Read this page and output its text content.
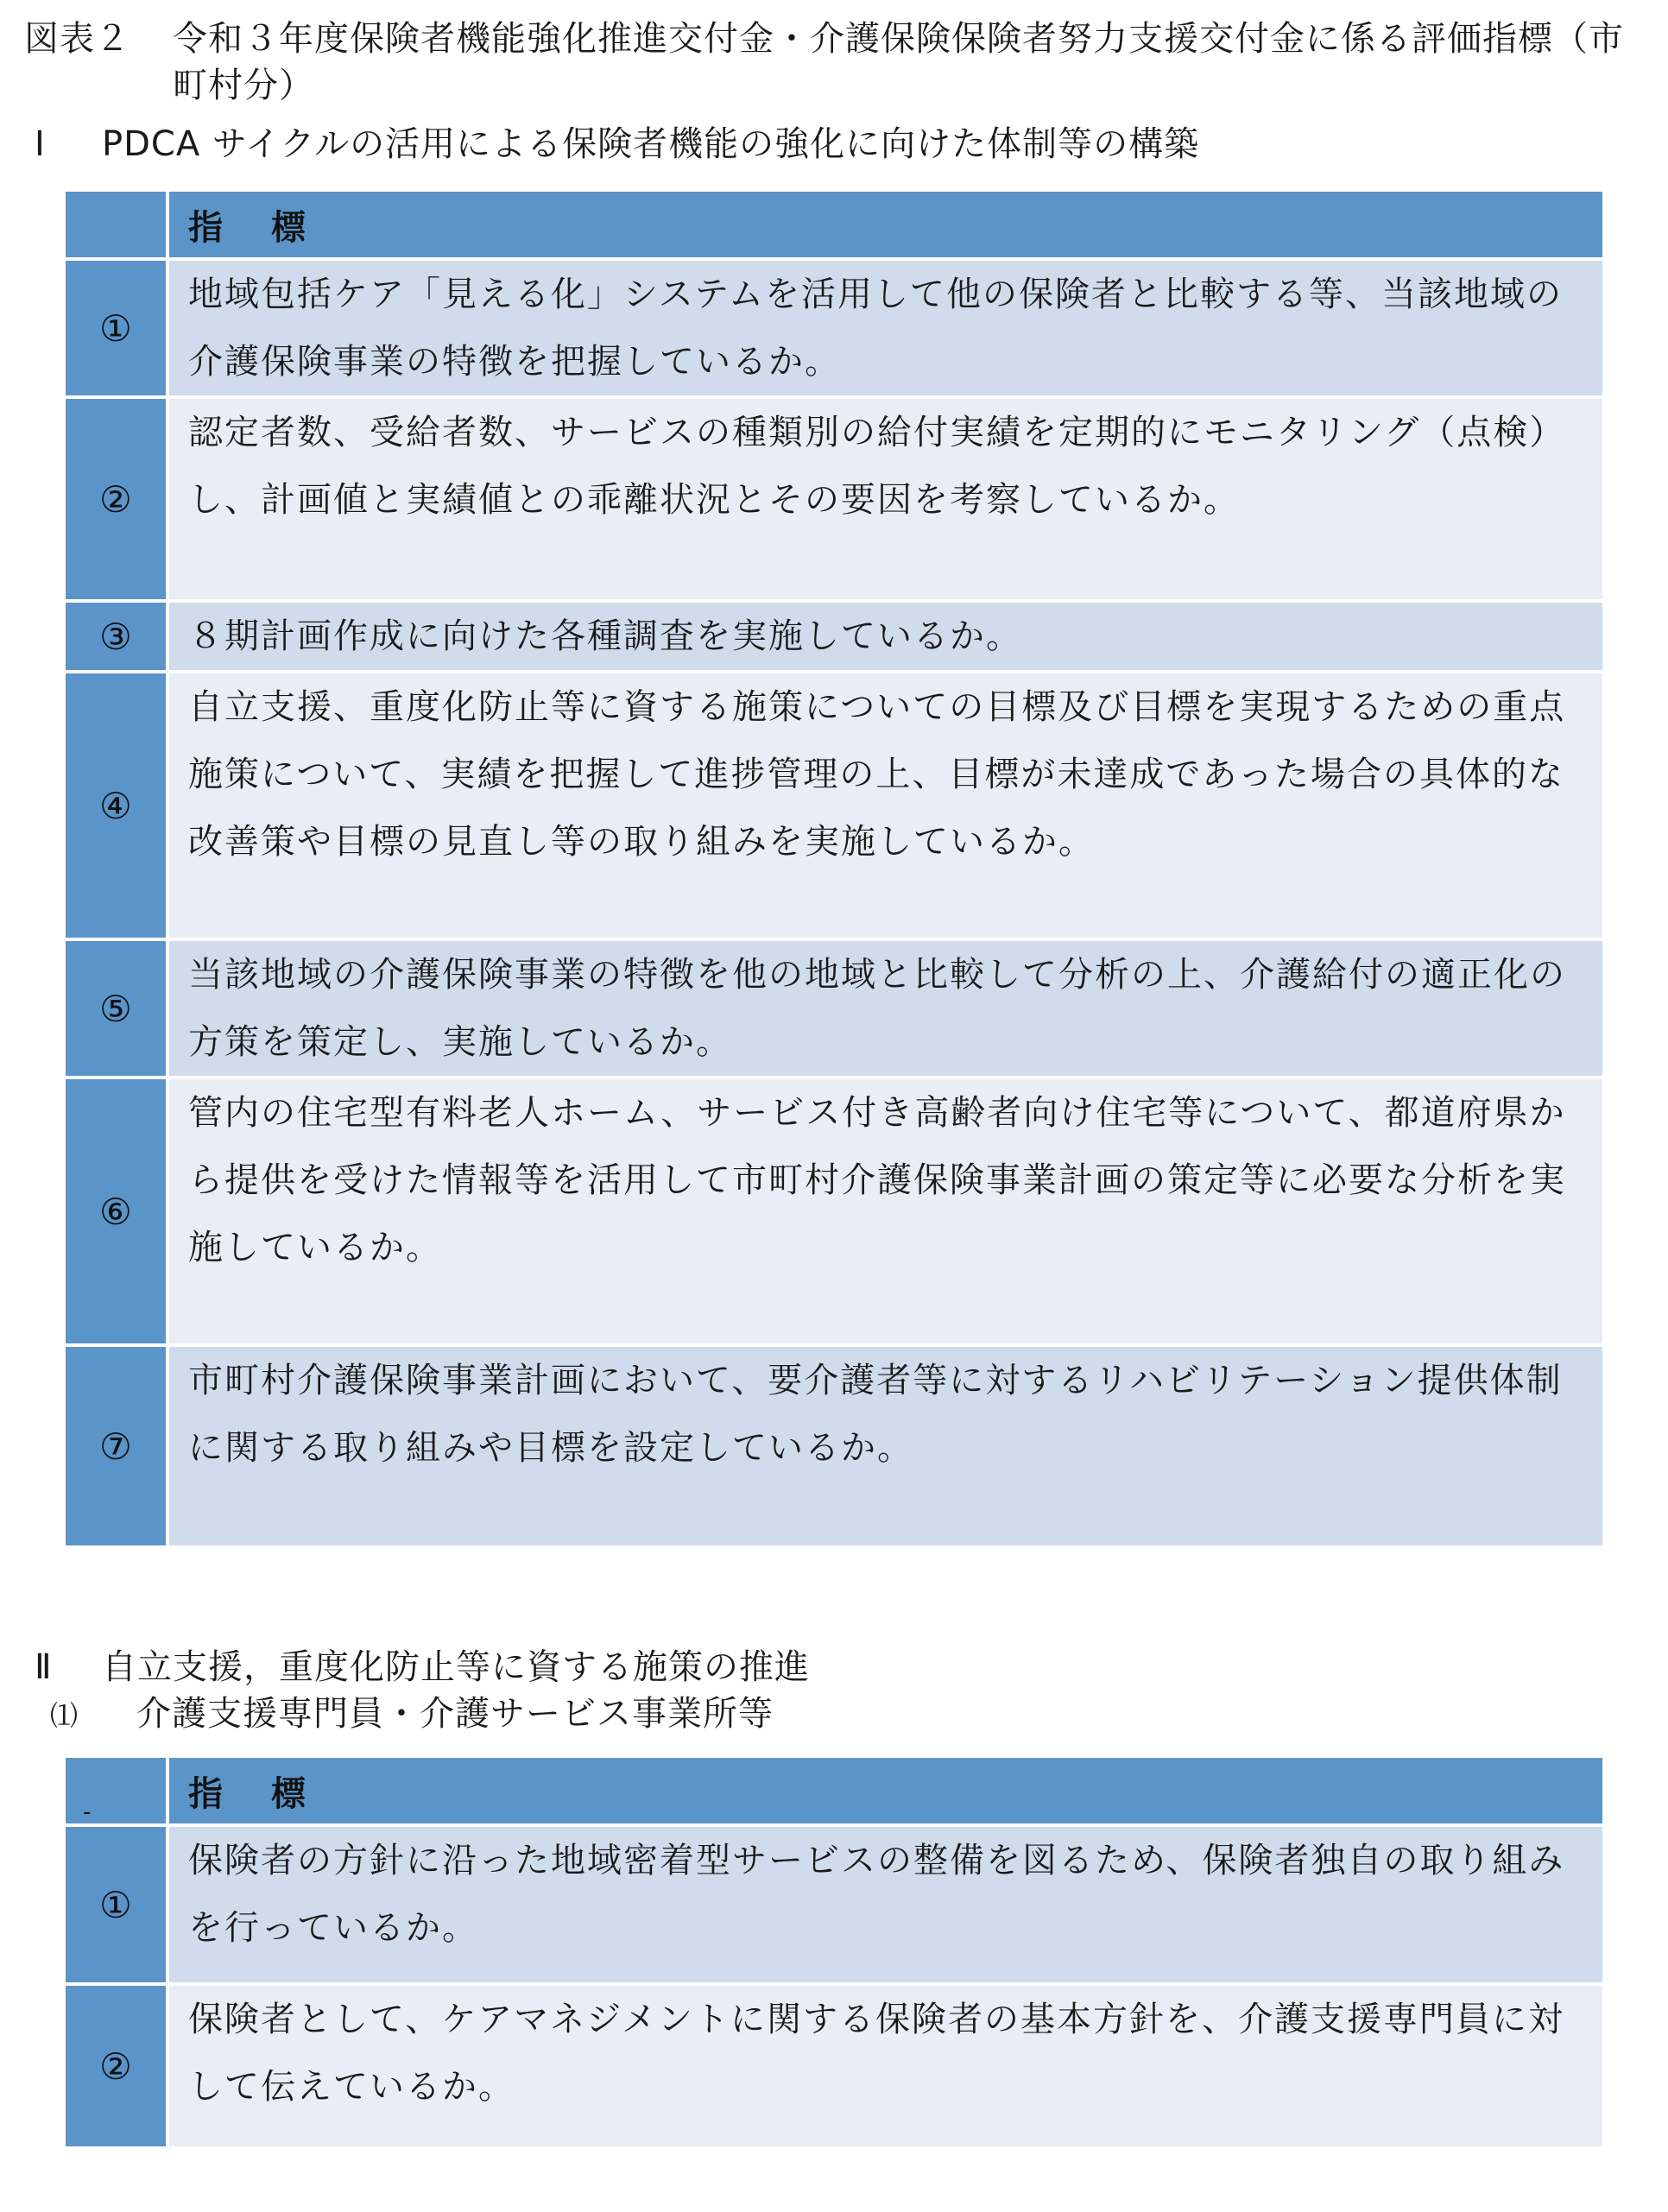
図表２ 令和３年度保険者機能強化推進交付金・介護保険保険者努力支援交付金に係る評価指標（市町村分）
Ⅰ PDCA サイクルの活用による保険者機能の強化に向けた体制等の構築
	指　標
①	地域包括ケア「見える化」システムを活用して他の保険者と比較する等、当該地域の介護保険事業の特徴を把握しているか。
②	認定者数、受給者数、サービスの種類別の給付実績を定期的にモニタリング（点検）し、計画値と実績値との乖離状況とその要因を考察しているか。
③	８期計画作成に向けた各種調査を実施しているか。
④	自立支援、重度化防止等に資する施策についての目標及び目標を実現するための重点施策について、実績を把握して進捗管理の上、目標が未達成であった場合の具体的な改善策や目標の見直し等の取り組みを実施しているか。
⑤	当該地域の介護保険事業の特徴を他の地域と比較して分析の上、介護給付の適正化の方策を策定し、実施しているか。
⑥	管内の住宅型有料老人ホーム、サービス付き高齢者向け住宅等について、都道府県から提供を受けた情報等を活用して市町村介護保険事業計画の策定等に必要な分析を実施しているか。
⑦	市町村介護保険事業計画において、要介護者等に対するリハビリテーション提供体制に関する取り組みや目標を設定しているか。
Ⅱ 自立支援，重度化防止等に資する施策の推進
⑴ 介護支援専門員・介護サービス事業所等
-	指　標
①	保険者の方針に沿った地域密着型サービスの整備を図るため、保険者独自の取り組みを行っているか。
②	保険者として、ケアマネジメントに関する保険者の基本方針を、介護支援専門員に対して伝えているか。
